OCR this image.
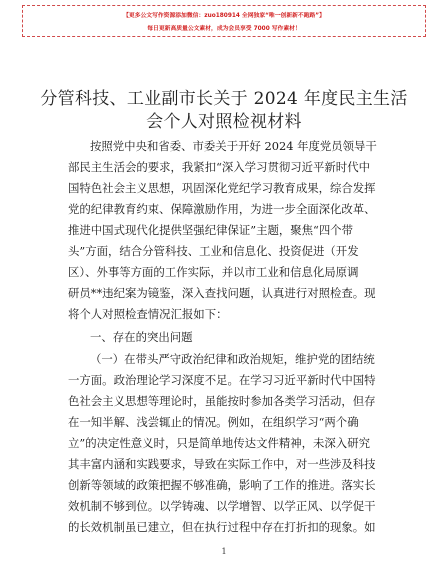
【更多公文写作资源添加微信：zuo180914 全网独家“唯一创新新不跑路”】
每日更新高质量公文素材，成为会员享受 7000 写作素材！
分管科技、工业副市长关于 2024 年度民主生活
会个人对照检视材料
按照党中央和省委、市委关于开好 2024 年度党员领导干
部民主生活会的要求，我紧扣“深入学习贯彻习近平新时代中
国特色社会主义思想，巩固深化党纪学习教育成果，综合发挥
党的纪律教育约束、保障激励作用，为进一步全面深化改革、
推进中国式现代化提供坚强纪律保证”主题，聚焦“四个带
头”方面，结合分管科技、工业和信息化、投资促进（开发
区）、外事等方面的工作实际，并以市工业和信息化局原调
研员**违纪案为镜鉴，深入查找问题，认真进行对照检查。现
将个人对照检查情况汇报如下：
一、存在的突出问题
（一）在带头严守政治纪律和政治规矩，维护党的团结统
一方面。政治理论学习深度不足。在学习习近平新时代中国特
色社会主义思想等理论时，虽能按时参加各类学习活动，但存
在一知半解、浅尝辄止的情况。例如，在组织学习“两个确
立”的决定性意义时，只是简单地传达文件精神，未深入研究
其丰富内涵和实践要求，导致在实际工作中，对一些涉及科技
创新等领域的政策把握不够准确，影响了工作的推进。落实长
效机制不够到位。以学铸魂、以学增智、以学正风、以学促干
的长效机制虽已建立，但在执行过程中存在打折扣的现象。如
1
